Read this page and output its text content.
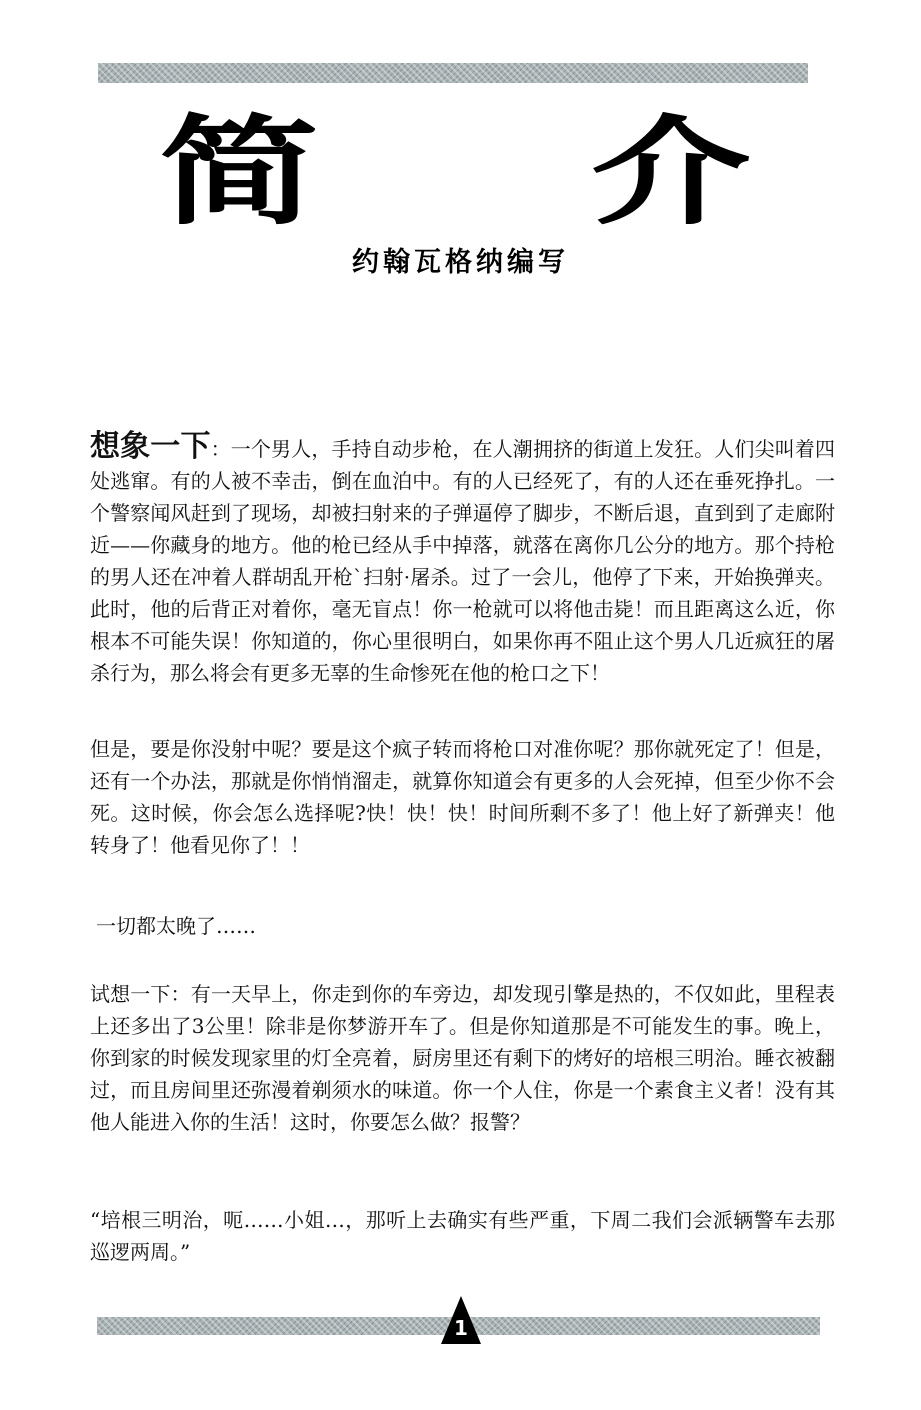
简 介
约翰瓦格纳编写

想象一下：一个男人，手持自动步枪，在人潮拥挤的街道上发狂。人们尖叫着四处逃窜。有的人被不幸击，倒在血泊中。有的人已经死了，有的人还在垂死挣扎。一个警察闻风赶到了现场，却被扫射来的子弹逼停了脚步，不断后退，直到到了走廊附近——你藏身的地方。他的枪已经从手中掉落，就落在离你几公分的地方。那个持枪的男人还在冲着人群胡乱开枪`扫射·屠杀。过了一会儿，他停了下来，开始换弹夹。此时，他的后背正对着你，毫无盲点！你一枪就可以将他击毙！而且距离这么近，你根本不可能失误！你知道的，你心里很明白，如果你再不阻止这个男人几近疯狂的屠杀行为，那么将会有更多无辜的生命惨死在他的枪口之下！

但是，要是你没射中呢？要是这个疯子转而将枪口对准你呢？那你就死定了！但是，还有一个办法，那就是你悄悄溜走，就算你知道会有更多的人会死掉，但至少你不会死。这时候，你会怎么选择呢?快！快！快！时间所剩不多了！他上好了新弹夹！他转身了！他看见你了！！

一切都太晚了……

试想一下：有一天早上，你走到你的车旁边，却发现引擎是热的，不仅如此，里程表上还多出了3公里！除非是你梦游开车了。但是你知道那是不可能发生的事。晚上，你到家的时候发现家里的灯全亮着，厨房里还有剩下的烤好的培根三明治。睡衣被翻过，而且房间里还弥漫着剃须水的味道。你一个人住，你是一个素食主义者！没有其他人能进入你的生活！这时，你要怎么做？报警？

“培根三明治，呃……小姐…，那听上去确实有些严重，下周二我们会派辆警车去那巡逻两周。”

1
